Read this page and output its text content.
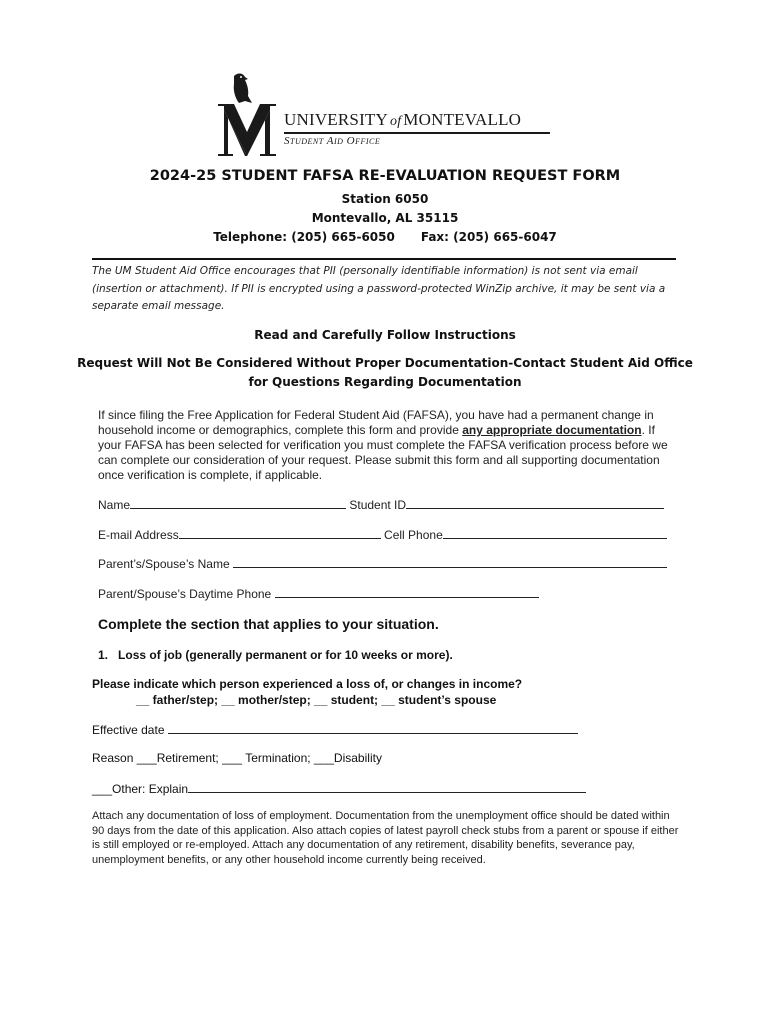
UNIVERSITY of MONTEVALLO
Student Aid Office
2024-25 STUDENT FAFSA RE-EVALUATION REQUEST FORM
Station 6050
Montevallo, AL 35115
Telephone: (205) 665-6050 Fax: (205) 665-6047
The UM Student Aid Office encourages that PII (personally identifiable information) is not sent via email (insertion or attachment). If PII is encrypted using a password-protected WinZip archive, it may be sent via a separate email message.
Read and Carefully Follow Instructions
Request Will Not Be Considered Without Proper Documentation-Contact Student Aid Office
for Questions Regarding Documentation
If since filing the Free Application for Federal Student Aid (FAFSA), you have had a permanent change in household income or demographics, complete this form and provide any appropriate documentation. If your FAFSA has been selected for verification you must complete the FAFSA verification process before we can complete our consideration of your request. Please submit this form and all supporting documentation once verification is complete, if applicable.
Name	Student ID
E-mail Address	Cell Phone
Parent’s/Spouse’s Name
Parent/Spouse’s Daytime Phone
Complete the section that applies to your situation.
1. Loss of job (generally permanent or for 10 weeks or more).
Please indicate which person experienced a loss of, or changes in income?
__ father/step; __ mother/step; __ student; __ student’s spouse
Effective date
Reason ___Retirement; ___ Termination; ___Disability
___Other: Explain
Attach any documentation of loss of employment. Documentation from the unemployment office should be dated within 90 days from the date of this application. Also attach copies of latest payroll check stubs from a parent or spouse if either is still employed or re-employed. Attach any documentation of any retirement, disability benefits, severance pay, unemployment benefits, or any other household income currently being received.
